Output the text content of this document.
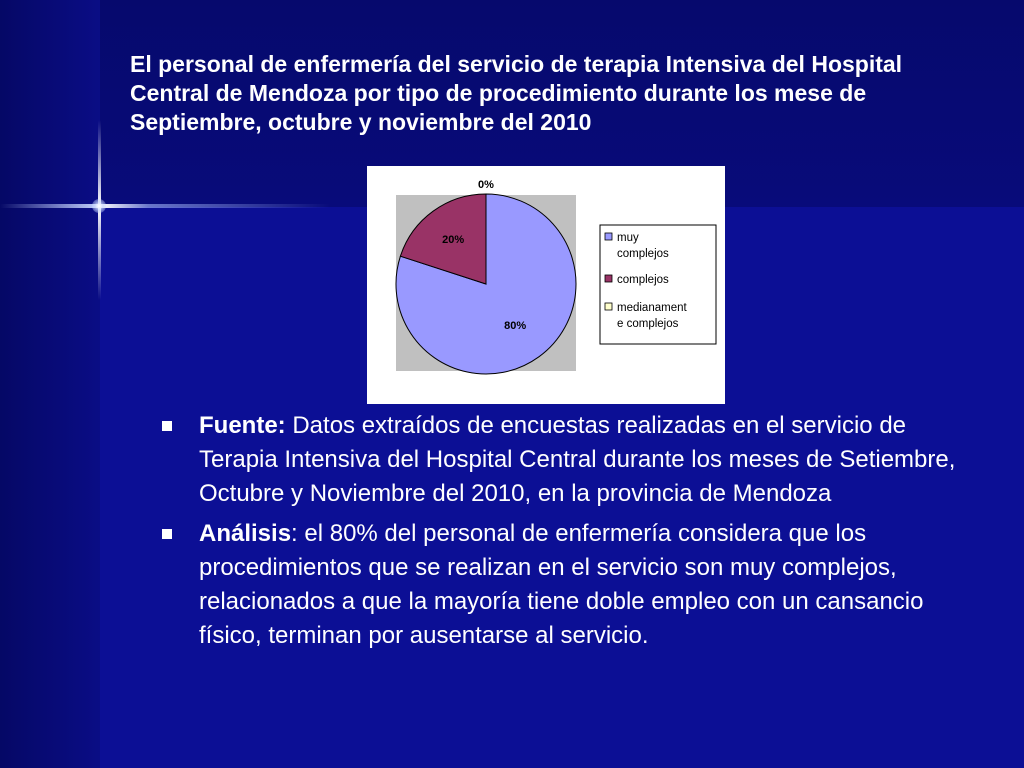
El personal de enfermería del servicio de terapia Intensiva del Hospital Central de Mendoza por tipo de procedimiento durante los mese de Septiembre, octubre y noviembre del 2010
80%
20%
0%
muy complejos
complejos
medianament e complejos
Fuente: Datos extraídos de encuestas realizadas en el servicio de Terapia Intensiva del Hospital Central durante los meses de Setiembre, Octubre y Noviembre del 2010, en la provincia de Mendoza
Análisis: el 80% del personal de enfermería considera que los procedimientos que se realizan en el servicio son muy complejos, relacionados a que la mayoría tiene doble empleo con un cansancio físico, terminan por ausentarse al servicio.
